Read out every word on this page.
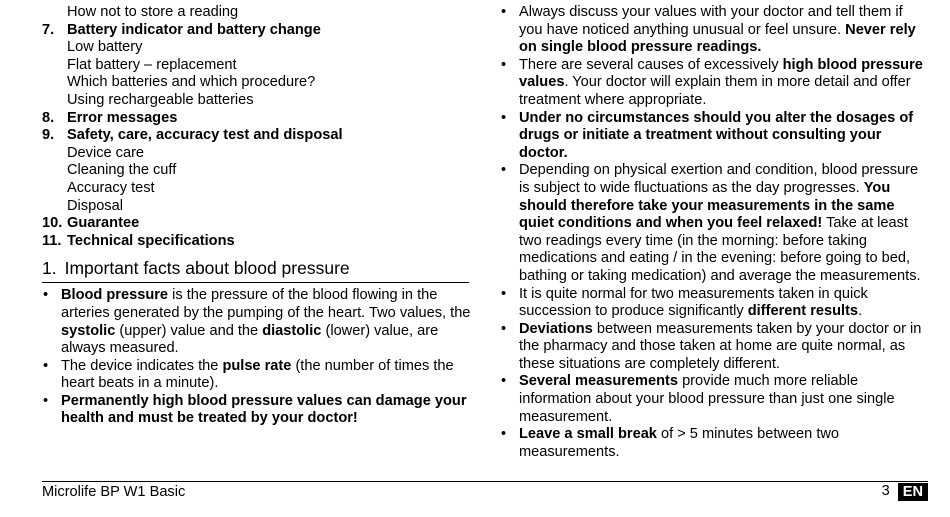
How not to store a reading
7. Battery indicator and battery change
Low battery
Flat battery – replacement
Which batteries and which procedure?
Using rechargeable batteries
8. Error messages
9. Safety, care, accuracy test and disposal
Device care
Cleaning the cuff
Accuracy test
Disposal
10. Guarantee
11. Technical specifications
1. Important facts about blood pressure
• Blood pressure is the pressure of the blood flowing in the arteries generated by the pumping of the heart. Two values, the systolic (upper) value and the diastolic (lower) value, are always measured.
• The device indicates the pulse rate (the number of times the heart beats in a minute).
• Permanently high blood pressure values can damage your health and must be treated by your doctor!
• Always discuss your values with your doctor and tell them if you have noticed anything unusual or feel unsure. Never rely on single blood pressure readings.
• There are several causes of excessively high blood pressure values. Your doctor will explain them in more detail and offer treatment where appropriate.
• Under no circumstances should you alter the dosages of drugs or initiate a treatment without consulting your doctor.
• Depending on physical exertion and condition, blood pressure is subject to wide fluctuations as the day progresses. You should therefore take your measurements in the same quiet conditions and when you feel relaxed! Take at least two readings every time (in the morning: before taking medications and eating / in the evening: before going to bed, bathing or taking medication) and average the measurements.
• It is quite normal for two measurements taken in quick succession to produce significantly different results.
• Deviations between measurements taken by your doctor or in the pharmacy and those taken at home are quite normal, as these situations are completely different.
• Several measurements provide much more reliable information about your blood pressure than just one single measurement.
• Leave a small break of > 5 minutes between two measurements.
Microlife BP W1 Basic	3 EN
